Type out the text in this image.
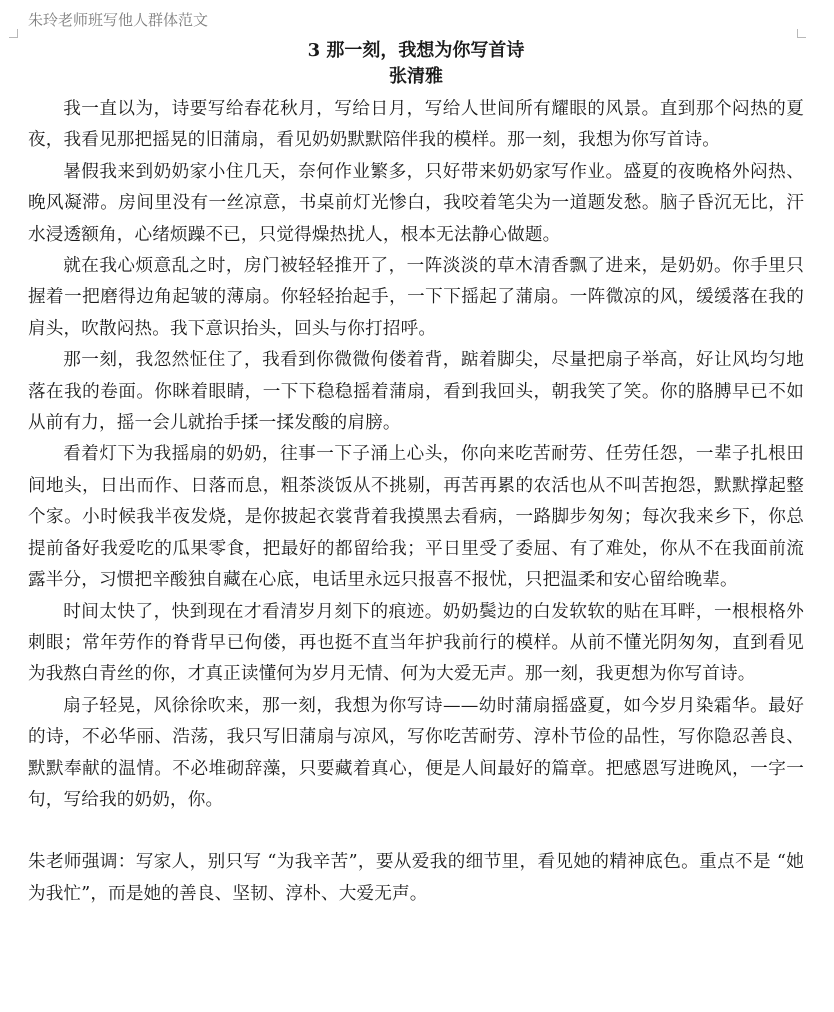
朱玲老师班写他人群体范文
3 那一刻，我想为你写首诗
张清雅

我一直以为，诗要写给春花秋月，写给日月，写给人世间所有耀眼的风景。直到那个闷热的夏夜，我看见那把摇晃的旧蒲扇，看见奶奶默默陪伴我的模样。那一刻，我想为你写首诗。

暑假我来到奶奶家小住几天，奈何作业繁多，只好带来奶奶家写作业。盛夏的夜晚格外闷热、晚风凝滞。房间里没有一丝凉意，书桌前灯光惨白，我咬着笔尖为一道题发愁。脑子昏沉无比，汗水浸透额角，心绪烦躁不已，只觉得燥热扰人，根本无法静心做题。

就在我心烦意乱之时，房门被轻轻推开了，一阵淡淡的草木清香飘了进来，是奶奶。你手里只握着一把磨得边角起皱的薄扇。你轻轻抬起手，一下下摇起了蒲扇。一阵微凉的风，缓缓落在我的肩头，吹散闷热。我下意识抬头，回头与你打招呼。

那一刻，我忽然怔住了，我看到你微微佝偻着背，踮着脚尖，尽量把扇子举高，好让风均匀地落在我的卷面。你眯着眼睛，一下下稳稳摇着蒲扇，看到我回头，朝我笑了笑。你的胳膊早已不如从前有力，摇一会儿就抬手揉一揉发酸的肩膀。

看着灯下为我摇扇的奶奶，往事一下子涌上心头，你向来吃苦耐劳、任劳任怨，一辈子扎根田间地头，日出而作、日落而息，粗茶淡饭从不挑剔，再苦再累的农活也从不叫苦抱怨，默默撑起整个家。小时候我半夜发烧，是你披起衣裳背着我摸黑去看病，一路脚步匆匆；每次我来乡下，你总提前备好我爱吃的瓜果零食，把最好的都留给我；平日里受了委屈、有了难处，你从不在我面前流露半分，习惯把辛酸独自藏在心底，电话里永远只报喜不报忧，只把温柔和安心留给晚辈。

时间太快了，快到现在才看清岁月刻下的痕迹。奶奶鬓边的白发软软的贴在耳畔，一根根格外刺眼；常年劳作的脊背早已佝偻，再也挺不直当年护我前行的模样。从前不懂光阴匆匆，直到看见为我熬白青丝的你，才真正读懂何为岁月无情、何为大爱无声。那一刻，我更想为你写首诗。

扇子轻晃，风徐徐吹来，那一刻，我想为你写诗——幼时蒲扇摇盛夏，如今岁月染霜华。最好的诗，不必华丽、浩荡，我只写旧蒲扇与凉风，写你吃苦耐劳、淳朴节俭的品性，写你隐忍善良、默默奉献的温情。不必堆砌辞藻，只要藏着真心，便是人间最好的篇章。把感恩写进晚风，一字一句，写给我的奶奶，你。

朱老师强调：写家人，别只写 “为我辛苦”，要从爱我的细节里，看见她的精神底色。重点不是 “她为我忙”，而是她的善良、坚韧、淳朴、大爱无声。
